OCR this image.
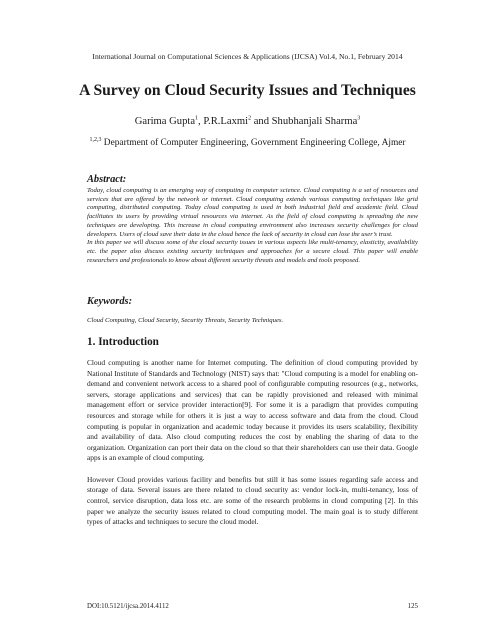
International Journal on Computational Sciences & Applications (IJCSA) Vol.4, No.1, February 2014
A Survey on Cloud Security Issues and Techniques
Garima Gupta$^1$, P.R.Laxmi$^2$ and Shubhanjali Sharma$^3$
$^{1,2,3}$ Department of Computer Engineering, Government Engineering College, Ajmer
Abstract:

Today, cloud computing is an emerging way of computing in computer science. Cloud computing is a set of resources and services that are offered by the network or internet. Cloud computing extends various computing techniques like grid computing, distributed computing. Today cloud computing is used in both industrial field and academic field. Cloud facilitates its users by providing virtual resources via internet. As the field of cloud computing is spreading the new techniques are developing. This increase in cloud computing environment also increases security challenges for cloud developers. Users of cloud save their data in the cloud hence the lack of security in cloud can lose the user’s trust.

In this paper we will discuss some of the cloud security issues in various aspects like multi-tenancy, elasticity, availability etc. the paper also discuss existing security techniques and approaches for a secure cloud. This paper will enable researchers and professionals to know about different security threats and models and tools proposed.

Keywords:

Cloud Computing, Cloud Security, Security Threats, Security Techniques.

1. Introduction

Cloud computing is another name for Internet computing. The definition of cloud computing provided by National Institute of Standards and Technology (NIST) says that: "Cloud computing is a model for enabling on-demand and convenient network access to a shared pool of configurable computing resources (e.g., networks, servers, storage applications and services) that can be rapidly provisioned and released with minimal management effort or service provider interaction[9]. For some it is a paradigm that provides computing resources and storage while for others it is just a way to access software and data from the cloud. Cloud computing is popular in organization and academic today because it provides its users scalability, flexibility and availability of data. Also cloud computing reduces the cost by enabling the sharing of data to the organization. Organization can port their data on the cloud so that their shareholders can use their data. Google apps is an example of cloud computing.

However Cloud provides various facility and benefits but still it has some issues regarding safe access and storage of data. Several issues are there related to cloud security as: vendor lock-in, multi-tenancy, loss of control, service disruption, data loss etc. are some of the research problems in cloud computing [2]. In this paper we analyze the security issues related to cloud computing model. The main goal is to study different types of attacks and techniques to secure the cloud model.

DOI:10.5121/ijcsa.2014.4112	125
